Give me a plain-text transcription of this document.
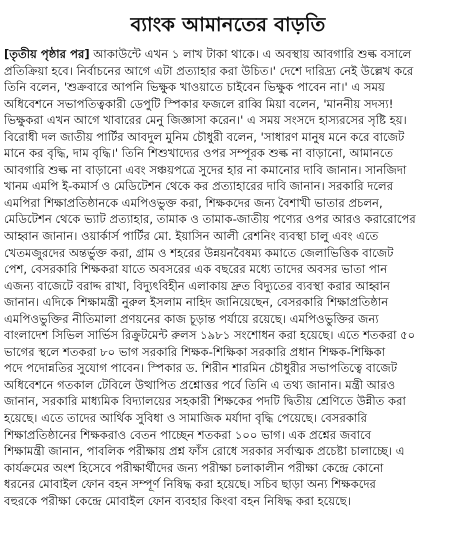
ব্যাংক আমানতের বাড়তি
[তৃতীয় পৃষ্ঠার পর] আকাউন্টে এখন ১ লাখ টাকা থাকে। এ অবস্থায় আবগারি শুল্ক বসালে
প্রতিক্রিয়া হবে। নির্বাচনের আগে এটা প্রত্যাহার করা উচিত।' দেশে দারিদ্র্য নেই উল্লেখ করে
তিনি বলেন, 'শুক্রবারে আপনি ভিক্ষুক খাওয়াতে চাইবেন ভিক্ষুক পাবেন না।' এ সময়
অধিবেশনে সভাপতিত্বকারী ডেপুটি স্পিকার ফজলে রাব্বি মিয়া বলেন, 'মাননীয় সদস্য!
ভিক্ষুকরা এখন আগে খাবারের মেনু জিজ্ঞাসা করেন।' এ সময় সংসদে হাস্যরসের সৃষ্টি হয়।
বিরোধী দল জাতীয় পার্টির আবদুল মুনিম চৌধুরী বলেন, 'সাধারণ মানুষ মনে করে বাজেট
মানে কর বৃদ্ধি, দাম বৃদ্ধি।' তিনি শিশুখাদ্যের ওপর সম্পূরক শুল্ক না বাড়ানো, আমানতে
আবগারি শুল্ক না বাড়ানো এবং সঞ্চয়পত্রে সুদের হার না কমানোর দাবি জানান। সানজিদা
খানম এমপি ই-কমার্স ও মেডিটেশন থেকে কর প্রত্যাহারের দাবি জানান। সরকারি দলের
এমপিরা শিক্ষাপ্রতিষ্ঠানকে এমপিওভুক্ত করা, শিক্ষকদের জন্য বৈশাখী ভাতার প্রচলন,
মেডিটেশন থেকে ভ্যাট প্রত্যাহার, তামাক ও তামাক-জাতীয় পণ্যের ওপর আরও করারোপের
আহ্বান জানান। ওয়ার্কার্স পার্টির মো. ইয়াসিন আলী রেশনিং ব্যবস্থা চালু এবং এতে
খেতমজুরদের অন্তর্ভুক্ত করা, গ্রাম ও শহরের উন্নয়নবৈষম্য কমাতে জেলাভিত্তিক বাজেট
পেশ, বেসরকারি শিক্ষকরা যাতে অবসরের এক বছরের মধ্যে তাদের অবসর ভাতা পান
এজন্য বাজেটে বরাদ্দ রাখা, বিদ্যুৎবিহীন এলাকায় দ্রুত বিদ্যুতের ব্যবস্থা করার আহ্বান
জানান। এদিকে শিক্ষামন্ত্রী নুরুল ইসলাম নাহিদ জানিয়েছেন, বেসরকারি শিক্ষাপ্রতিষ্ঠান
এমপিওভুক্তির নীতিমালা প্রণয়নের কাজ চূড়ান্ত পর্যায়ে রয়েছে। এমপিওভুক্তির জন্য
বাংলাদেশ সিভিল সার্ভিস রিক্রুটমেন্ট রুলস ১৯৮১ সংশোধন করা হয়েছে। এতে শতকরা ৫০
ভাগের স্থলে শতকরা ৮০ ভাগ সরকারি শিক্ষক-শিক্ষিকা সরকারি প্রধান শিক্ষক-শিক্ষিকা
পদে পদোন্নতির সুযোগ পাবেন। স্পিকার ড. শিরীন শারমিন চৌধুরীর সভাপতিত্বে বাজেট
অধিবেশনে গতকাল টেবিলে উত্থাপিত প্রশ্নোত্তর পর্বে তিনি এ তথ্য জানান। মন্ত্রী আরও
জানান, সরকারি মাধ্যমিক বিদ্যালয়ের সহকারী শিক্ষকের পদটি দ্বিতীয় শ্রেণিতে উন্নীত করা
হয়েছে। এতে তাদের আর্থিক সুবিধা ও সামাজিক মর্যাদা বৃদ্ধি পেয়েছে। বেসরকারি
শিক্ষাপ্রতিষ্ঠানের শিক্ষকরাও বেতন পাচ্ছেন শতকরা ১০০ ভাগ। এক প্রশ্নের জবাবে
শিক্ষামন্ত্রী জানান, পাবলিক পরীক্ষায় প্রশ্ন ফাঁস রোধে সরকার সর্বাত্মক প্রচেষ্টা চালাচ্ছে। এ
কার্যক্রমের অংশ হিসেবে পরীক্ষার্থীদের জন্য পরীক্ষা চলাকালীন পরীক্ষা কেন্দ্রে কোনো
ধরনের মোবাইল ফোন বহন সম্পূর্ণ নিষিদ্ধ করা হয়েছে। সচিব ছাড়া অন্য শিক্ষকদের
বহুরকে পরীক্ষা কেন্দ্রে মোবাইল ফোন ব্যবহার কিংবা বহন নিষিদ্ধ করা হয়েছে।
